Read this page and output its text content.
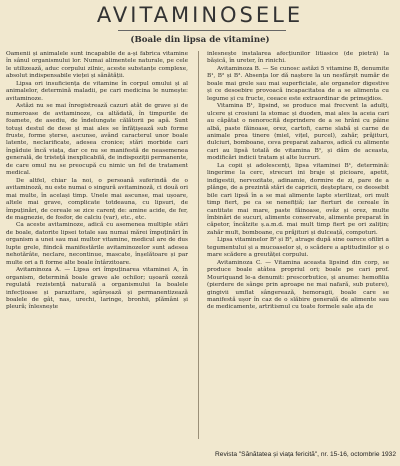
AVITAMINOSELE
(Boale din lipsa de vitamine)

Oamenii și animalele sunt incapabile de a-și fabrica vitamine în sânul organismului lor. Numai alimentele naturale, pe cele le utilizează, aduc corpului zilnic, aceste substanțe complexe, absolut indispensabile vieței și sănătății.

Lipsa ori insuficiența de vitamine în corpul omului și al animalelor, determină maladii, pe cari medicina le numește: avitaminoze.

Astăzi nu se mai înregistrează cazuri atât de grave și de numeroase de avitaminoze, ca altădată, în timpurile de foamete, de asediu, de îndelungate călătorii pe apă. Sunt totuși destul de dese și mai ales se înfățișează sub forme fruste, forme șterse, ascunse, având caracterul unor boale latente, neclarificate, adesea cronice; stări morbide cari îngăduie încă viața, dar ce nu se manifestă de neasemenea generală, de tristeță inexplicabilă, de indispoziții permanente, de care omul nu se preocupă cu nimic un fel de tratament medical.

De altfel, chiar la noi, o persoană suferindă de o avitaminoză, nu este numai o singură avitaminoză, ci două ori mai multe, în același timp. Unele mai ascunse, mai ușoare, altele mai grave, complicate totdeauna, cu lipsuri, de împuținări, de cereale se zice carenț de: amine acide, de fer, de magnezie, de fosfor, de calciu (var), etc., etc.

Ca aceste avitaminoze, adică cu asemenea multiple stări de boale, datorite lipsei totale sau numai mărei împuținări în organism a unei sau mai multor vitamine, medicul are de dus lupte grele, fiindcă manifestările avitaminozelor sunt adesea nehotărâte, neclare, necontinue, mascate, înșelătoare și par multe ori a fi forme alte boale întârzitoare.

Avitaminoza A. — Lipsa ori împuținarea vitaminei A, în organism, determină boale grave ale ochilor; ușoară ozeză regulată rezistență naturală a organismului la boalele infecțioase și parazitare, sgârșează și permanentizează boalele de gât, nas, urechi, laringe, bronhii, plămâni și pleură; înlesnește

înlesnește instalarea afecțiunilor litiasice (de pietră) la bășică, în ureter, în rinichi.

Avitaminoza B. — Se cunosc astăzi 5 vitamine B, denumite B¹, B² și B³. Absența lor dă naștere la un nesfârșit număr de boale mai grele sau mai superficiale, ale organelor digestive și ce desoebire provoacă incapacitatea de a se alimenta cu legume și cu fructe, ceeace este extraordinar de primejdios.

Vitamina B¹, lipsind, se produce mai frecvent la adulți, ulcere și crosiuni la stomac și duoden, mai ales la aceia cari au căpătat o nenorocită deprindere de a se hrăni cu pâine albă, paste făinoase, orez, cartofi, carne slabă și carne de animale prea tinere (miel, vițel, purcel), zahăr, prăjituri, dulciuri, bomboane, ceva preparat zaharos, adică cu alimente cari au lipsă totală de vitamina B¹, și dăm de aceasta, modificări indicii tratam și alte lucruri.

La copii și adolescenți, lipsa vitaminei B¹, determină: lingerime la cerc, strecuri ini braje și picioare, apetit, indigestii, nervozitate, adinamie, dormire de zi, pare de a plânge, de a prezintă stări de capricii, deșteptare, ce deosebit bile cari lipsă în a se mai alimente lapte sterilizat, ori mult timp fiert, pe ca se nenefițiă; iar fierturi de cereale în cantitate mai mare, paste făinoase, ovăz și orez, multe îmbinări de sucuri, alimente conservate, alimente preparat în căpetor, încălzite ș.a.m.d. mai mult timp fiert pe ori zalițin; zahăr mult, bomboane, cu prăjituri și dulceață, compoturi.

Lipsa vitaminelor B² și B³, atrage după sine oarece ofiliri a tegumentului și a mucoaselor și, o scădere a aptitudinilor și o mare scădere a greutăței corpului.

Avitaminoza C. — Vitamina aceasta lipsind din corp, se produce boale atâtea propriul ori; boale pe cari prof. Mouriquand le-a denumit: prescorbutice, și anume: hemofilia (pierdere de sânge prin aproape ne mai nafară, sub putere), gingivii umflat sângerează, hemoragii, boale care se manifestă ușor în caz de o slăbire generală de alimente sau de medicamente, artritismul cu toate formele sale ața de

Revista "Sănătatea și viața fericită", nr. 15-16, octombrie 1932
